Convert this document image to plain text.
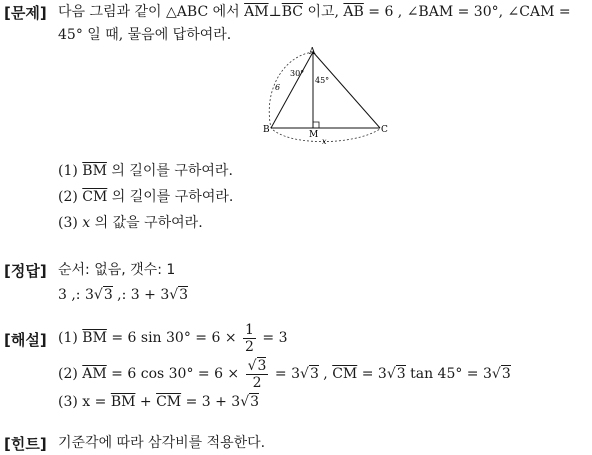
[문제] 다음 그림과 같이 △ABC 에서 $\overline{AM}\perp\overline{BC}$ 이고, $\overline{AB} = 6$ , ∠BAM = 30°, ∠CAM =
45° 일 때, 물음에 답하여라.
A
B	C
M
30°
45°
6
x
(1) $\overline{BM}$ 의 길이를 구하여라.
(2) $\overline{CM}$ 의 길이를 구하여라.
(3) x 의 값을 구하여라.
[정답] 순서: 없음, 갯수: 1
3 ,: 3√3 ,: 3 + 3√3
[해설] (1) $\overline{BM} = 6$ $\sin 30^\circ = 6 \times \frac{1}{2} = 3$
(2) $\overline{AM} = 6$ $\cos 30^\circ = 6 \times \frac{√3}{2} = 3√3$ , $\overline{CM} = 3√3$ tan 45° = 3√3
(3) $x = \overline{BM} + \overline{CM} = 3 + 3√3$
[힌트] 기준각에 따라 삼각비를 적용한다.
